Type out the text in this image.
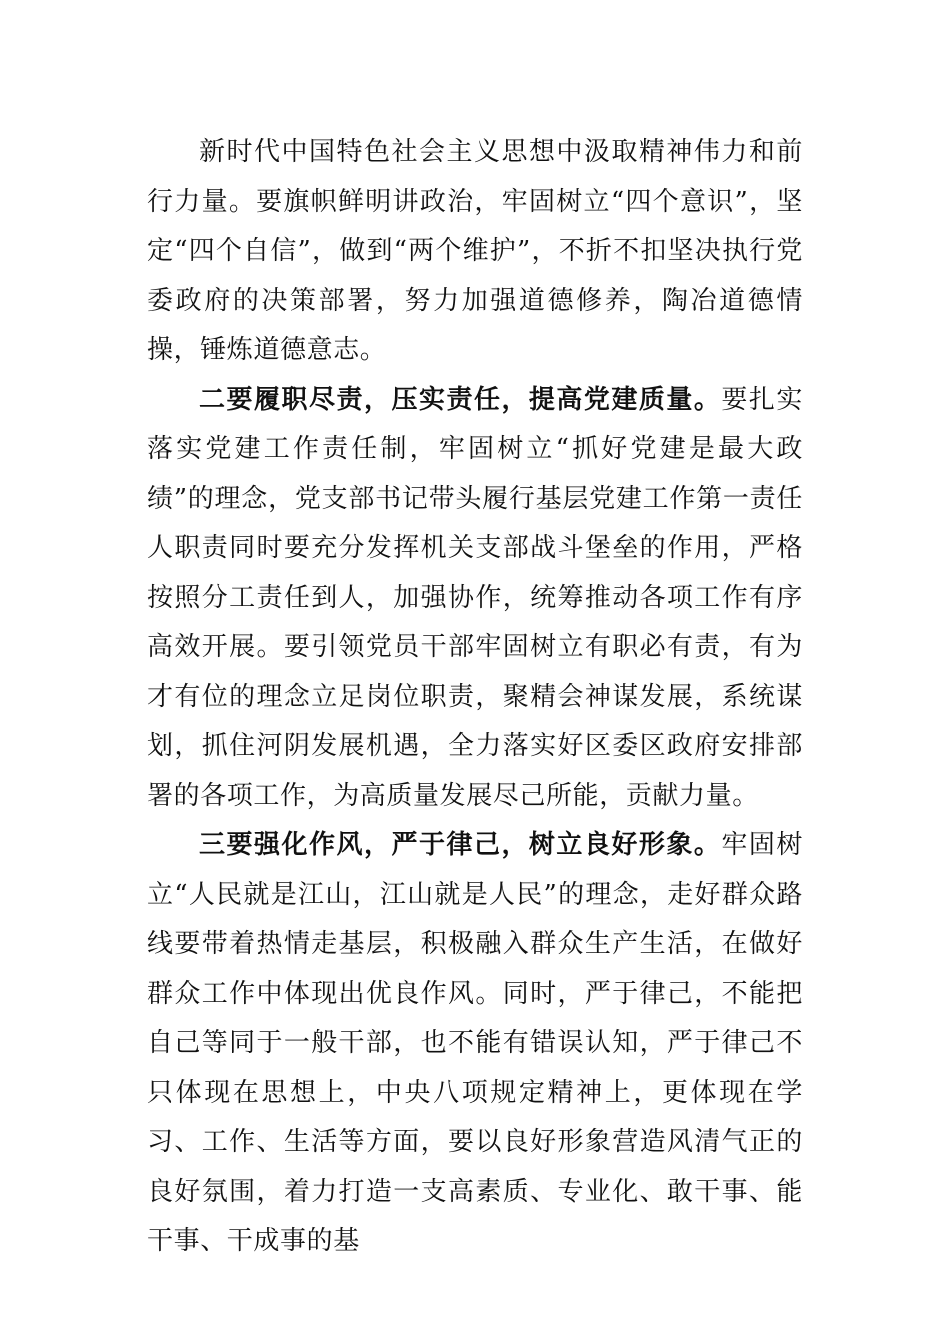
新时代中国特色社会主义思想中汲取精神伟力和前行力量。要旗帜鲜明讲政治，牢固树立“四个意识”，坚定“四个自信”，做到“两个维护”，不折不扣坚决执行党委政府的决策部署，努力加强道德修养，陶冶道德情操，锤炼道德意志。

二要履职尽责，压实责任，提高党建质量。要扎实落实党建工作责任制，牢固树立“抓好党建是最大政绩”的理念，党支部书记带头履行基层党建工作第一责任人职责同时要充分发挥机关支部战斗堡垒的作用，严格按照分工责任到人，加强协作，统筹推动各项工作有序高效开展。要引领党员干部牢固树立有职必有责，有为才有位的理念立足岗位职责，聚精会神谋发展，系统谋划，抓住河阴发展机遇，全力落实好区委区政府安排部署的各项工作，为高质量发展尽己所能，贡献力量。

三要强化作风，严于律己，树立良好形象。牢固树立“人民就是江山，江山就是人民”的理念，走好群众路线要带着热情走基层，积极融入群众生产生活，在做好群众工作中体现出优良作风。同时，严于律己，不能把自己等同于一般干部，也不能有错误认知，严于律己不只体现在思想上，中央八项规定精神上，更体现在学习、工作、生活等方面，要以良好形象营造风清气正的良好氛围，着力打造一支高素质、专业化、敢干事、能干事、干成事的基
